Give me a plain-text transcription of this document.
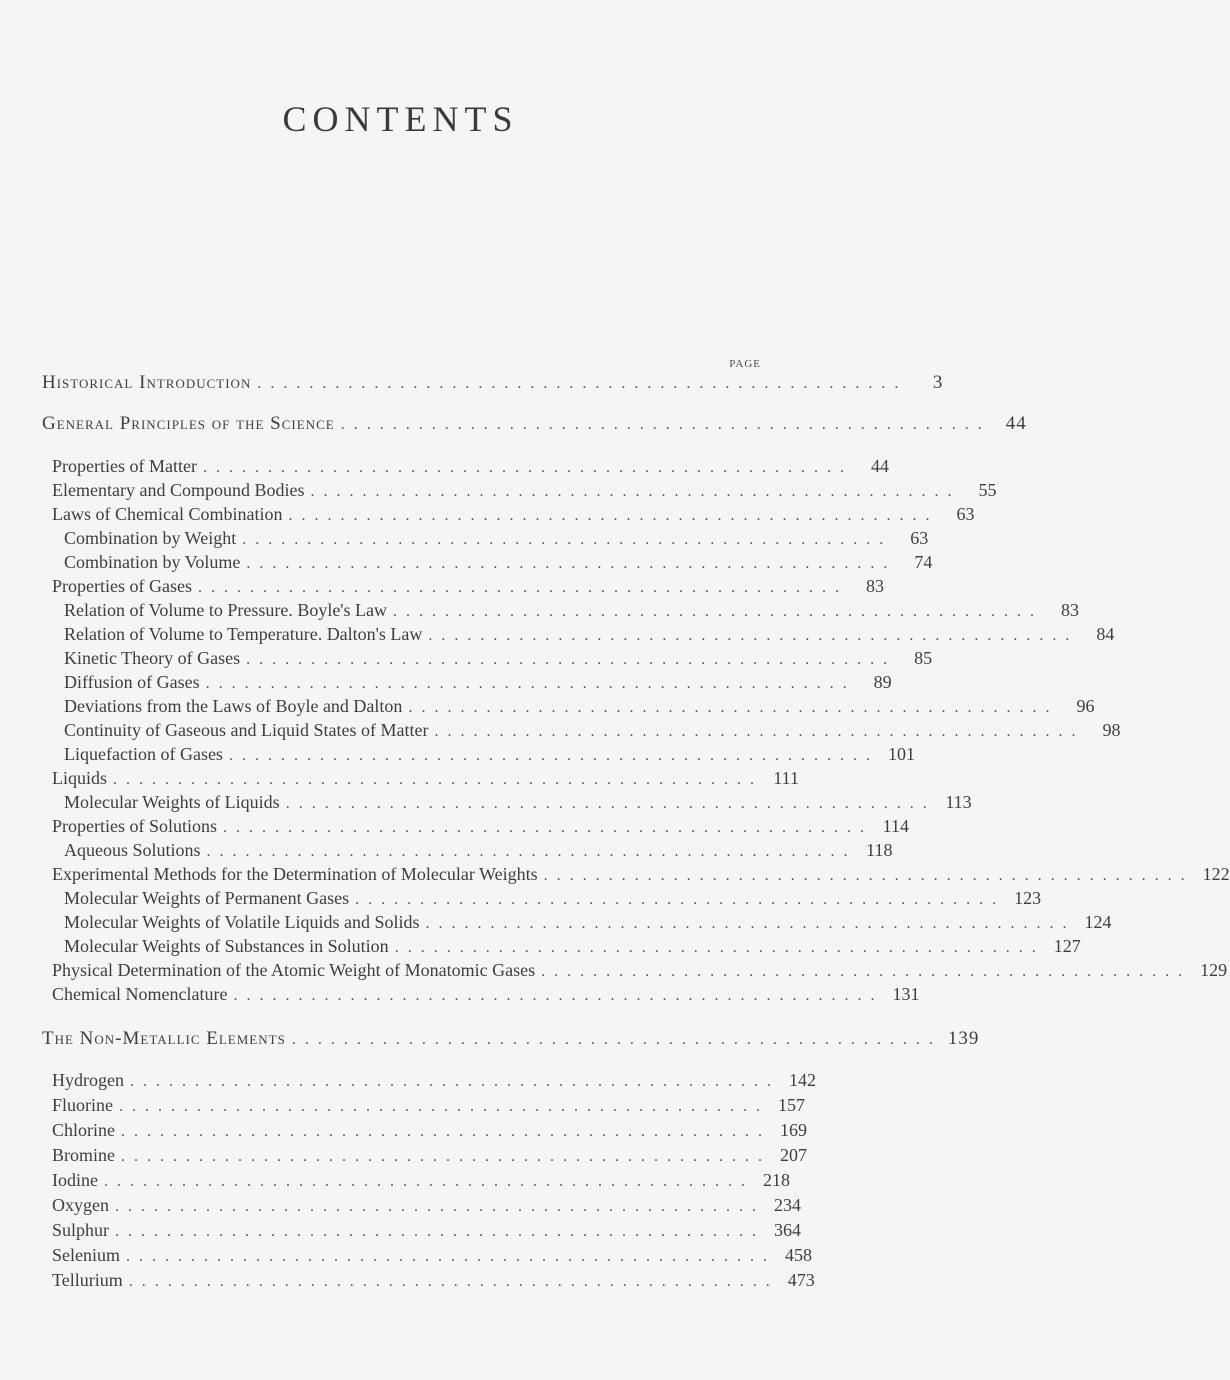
CONTENTS
PAGE
Historical Introduction ..................................................	3
General Principles of the Science .................................................. 44
Properties of Matter ..................................................	44
Elementary and Compound Bodies ..................................................	55
Laws of Chemical Combination ..................................................	63
Combination by Weight ..................................................	63
Combination by Volume ..................................................	74
Properties of Gases ..................................................	83
Relation of Volume to Pressure. Boyle's Law ..................................................	83
Relation of Volume to Temperature. Dalton's Law ..................................................	84
Kinetic Theory of Gases ..................................................	85
Diffusion of Gases ..................................................	89
Deviations from the Laws of Boyle and Dalton ..................................................	96
Continuity of Gaseous and Liquid States of Matter ..................................................	98
Liquefaction of Gases .................................................. 101
Liquids .................................................. 111
Molecular Weights of Liquids .................................................. 113
Properties of Solutions .................................................. 114
Aqueous Solutions .................................................. 118
Experimental Methods for the Determination of Molecular Weights .................................................. 122
Molecular Weights of Permanent Gases .................................................. 123
Molecular Weights of Volatile Liquids and Solids .................................................. 124
Molecular Weights of Substances in Solution .................................................. 127
Physical Determination of the Atomic Weight of Monatomic Gases .................................................. 129
Chemical Nomenclature .................................................. 131
The Non-Metallic Elements .................................................. 139
Hydrogen .................................................. 142
Fluorine .................................................. 157
Chlorine .................................................. 169
Bromine .................................................. 207
Iodine .................................................. 218
Oxygen .................................................. 234
Sulphur .................................................. 364
Selenium .................................................. 458
Tellurium .................................................. 473
